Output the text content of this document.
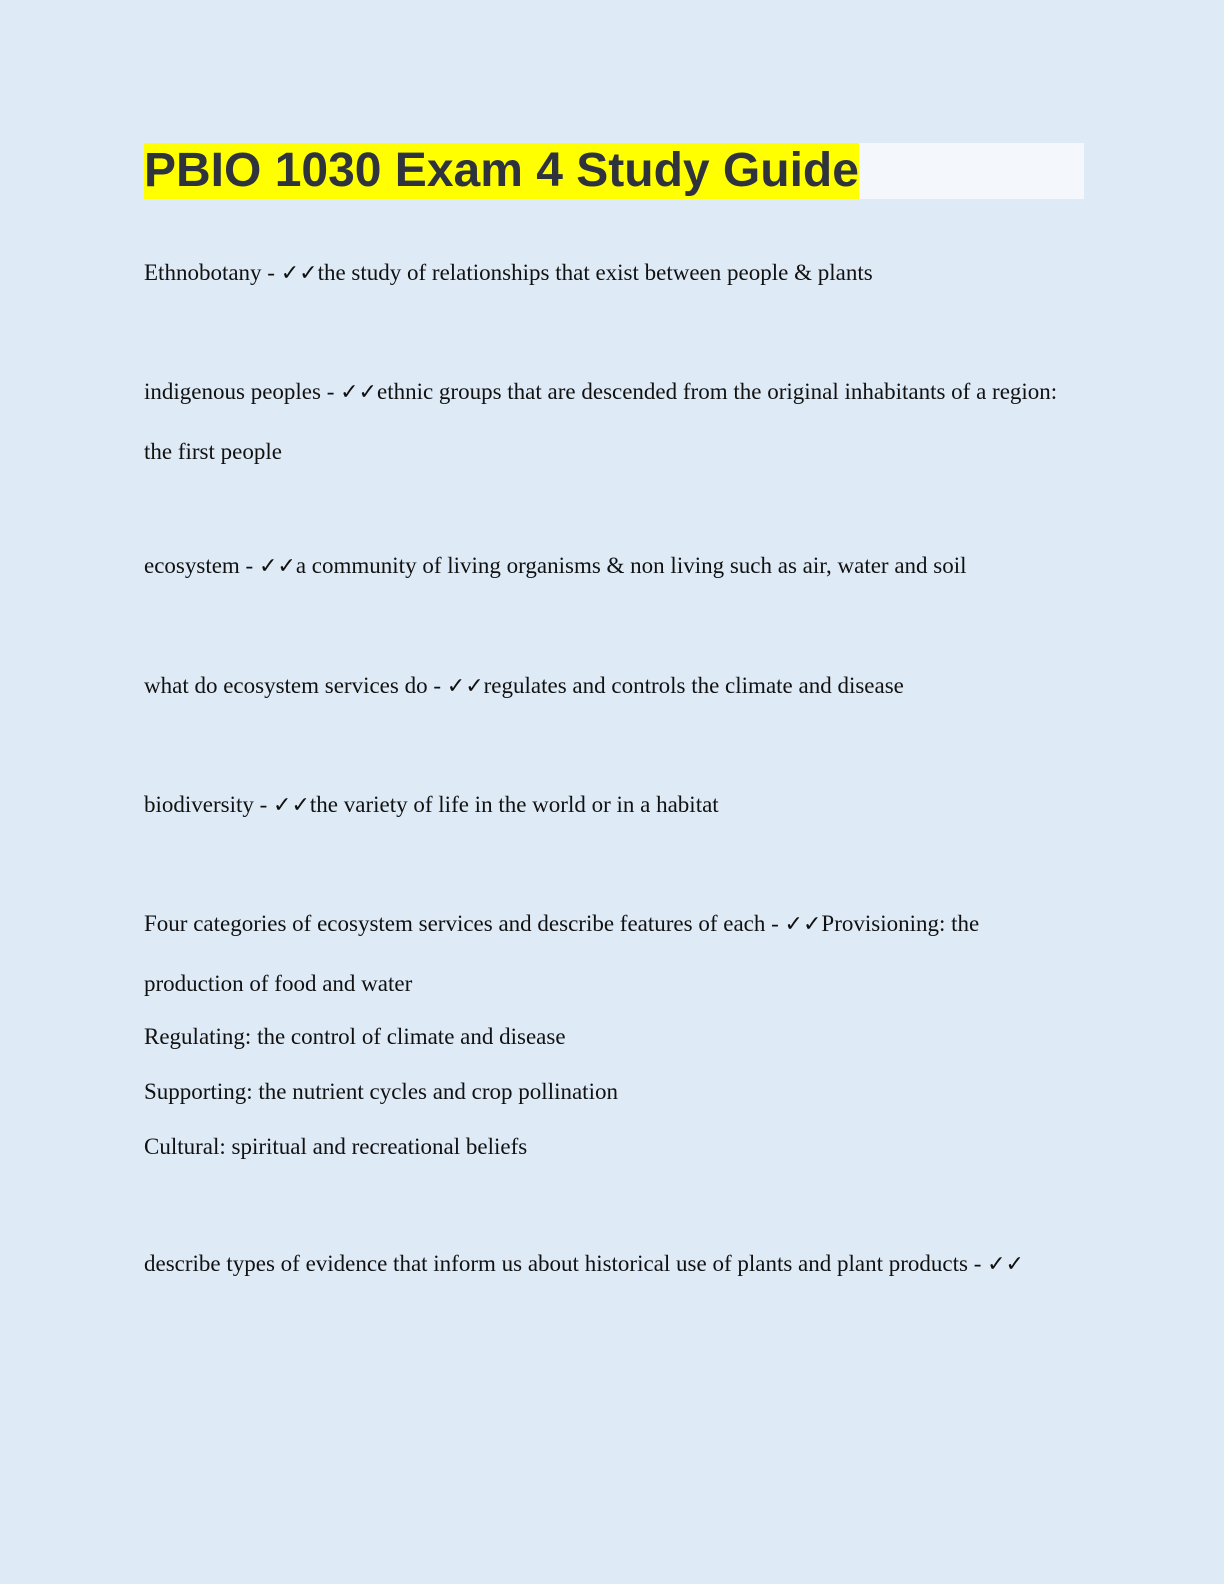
PBIO 1030 Exam 4 Study Guide

Ethnobotany - ✓✓the study of relationships that exist between people & plants

indigenous peoples - ✓✓ethnic groups that are descended from the original inhabitants of a region: the first people

ecosystem - ✓✓a community of living organisms & non living such as air, water and soil

what do ecosystem services do - ✓✓regulates and controls the climate and disease

biodiversity - ✓✓the variety of life in the world or in a habitat

Four categories of ecosystem services and describe features of each - ✓✓Provisioning: the production of food and water

Regulating: the control of climate and disease

Supporting: the nutrient cycles and crop pollination

Cultural: spiritual and recreational beliefs

describe types of evidence that inform us about historical use of plants and plant products - ✓✓
